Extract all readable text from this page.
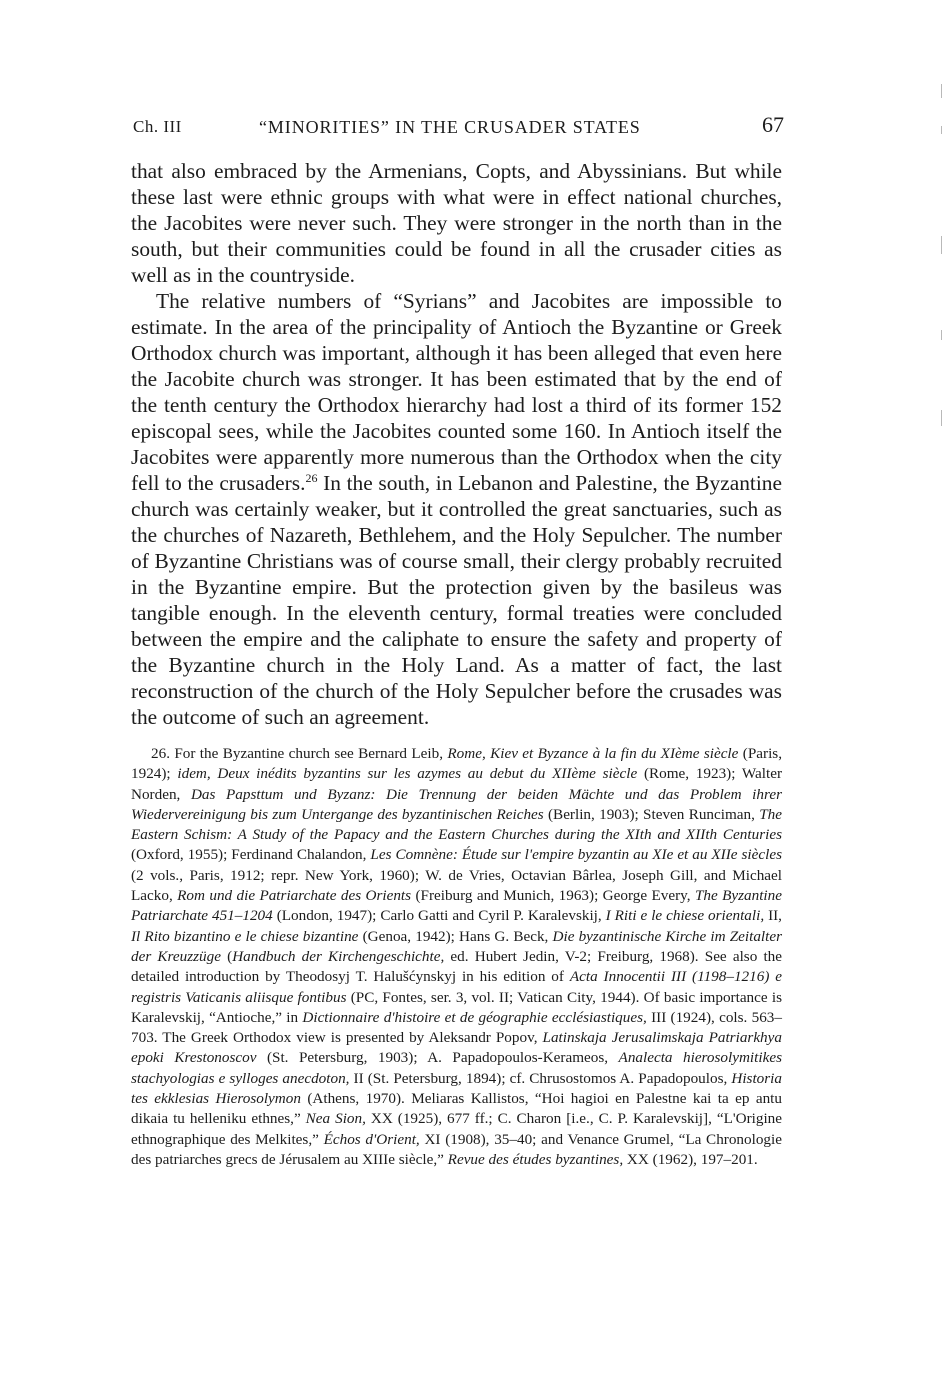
Ch. III	“MINORITIES” IN THE CRUSADER STATES	67

that also embraced by the Armenians, Copts, and Abyssinians. But while these last were ethnic groups with what were in effect national churches, the Jacobites were never such. They were stronger in the north than in the south, but their communities could be found in all the crusader cities as well as in the countryside.

The relative numbers of “Syrians” and Jacobites are impossible to estimate. In the area of the principality of Antioch the Byzantine or Greek Orthodox church was important, although it has been alleged that even here the Jacobite church was stronger. It has been estimated that by the end of the tenth century the Orthodox hierarchy had lost a third of its former 152 episcopal sees, while the Jacobites counted some 160. In Antioch itself the Jacobites were apparently more numerous than the Orthodox when the city fell to the crusaders.$^{26}$ In the south, in Lebanon and Palestine, the Byzantine church was certainly weaker, but it controlled the great sanctuaries, such as the churches of Nazareth, Bethlehem, and the Holy Sepulcher. The number of Byzantine Christians was of course small, their clergy probably recruited in the Byzantine empire. But the protection given by the basileus was tangible enough. In the eleventh century, formal treaties were concluded between the empire and the caliphate to ensure the safety and property of the Byzantine church in the Holy Land. As a matter of fact, the last reconstruction of the church of the Holy Sepulcher before the crusades was the outcome of such an agreement.

26. For the Byzantine church see Bernard Leib, Rome, Kiev et Byzance à la fin du XIème siècle (Paris, 1924); idem, Deux inédits byzantins sur les azymes au debut du XIIème siècle (Rome, 1923); Walter Norden, Das Papsttum und Byzanz: Die Trennung der beiden Mächte und das Problem ihrer Wiedervereinigung bis zum Untergange des byzantinischen Reiches (Berlin, 1903); Steven Runciman, The Eastern Schism: A Study of the Papacy and the Eastern Churches during the XIth and XIIth Centuries (Oxford, 1955); Ferdinand Chalandon, Les Comnène: Étude sur l'empire byzantin au XIe et au XIIe siècles (2 vols., Paris, 1912; repr. New York, 1960); W. de Vries, Octavian Bârlea, Joseph Gill, and Michael Lacko, Rom und die Patriarchate des Orients (Freiburg and Munich, 1963); George Every, The Byzantine Patriarchate 451–1204 (London, 1947); Carlo Gatti and Cyril P. Karalevskij, I Riti e le chiese orientali, II, Il Rito bizantino e le chiese bizantine (Genoa, 1942); Hans G. Beck, Die byzantinische Kirche im Zeitalter der Kreuzzüge (Handbuch der Kirchengeschichte, ed. Hubert Jedin, V-2; Freiburg, 1968). See also the detailed introduction by Theodosyj T. Halušćynskyj in his edition of Acta Innocentii III (1198–1216) e registris Vaticanis aliisque fontibus (PC, Fontes, ser. 3, vol. II; Vatican City, 1944). Of basic importance is Karalevskij, “Antioche,” in Dictionnaire d'histoire et de géographie ecclésiastiques, III (1924), cols. 563–703. The Greek Orthodox view is presented by Aleksandr Popov, Latinskaja Jerusalimskaja Patriarkhya epoki Krestonoscov (St. Petersburg, 1903); A. Papadopoulos-Kerameos, Analecta hierosolymitikes stachyologias e sylloges anecdoton, II (St. Petersburg, 1894); cf. Chrusostomos A. Papadopoulos, Historia tes ekklesias Hierosolymon (Athens, 1970). Meliaras Kallistos, “Hoi hagioi en Palestne kai ta ep antu dikaia tu helleniku ethnes,” Nea Sion, XX (1925), 677 ff.; C. Charon [i.e., C. P. Karalevskij], “L'Origine ethnographique des Melkites,” Échos d'Orient, XI (1908), 35–40; and Venance Grumel, “La Chronologie des patriarches grecs de Jérusalem au XIIIe siècle,” Revue des études byzantines, XX (1962), 197–201.
